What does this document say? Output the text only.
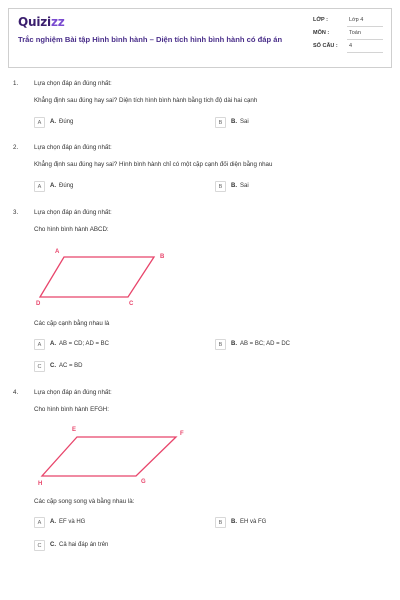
Quizizz
Trắc nghiệm Bài tập Hình bình hành – Diện tích hình bình hành có đáp án
LỚP :	Lớp 4
MÔN :	Toán
SỐ CÂU : 4
1.	Lựa chọn đáp án đúng nhất:
Khẳng định sau đúng hay sai? Diện tích hình bình hành bằng tích độ dài hai cạnh
A	A. Đúng	B	B. Sai
2.	Lựa chọn đáp án đúng nhất:
Khẳng định sau đúng hay sai? Hình bình hành chỉ có một cặp cạnh đối diện bằng nhau
A	A. Đúng	B	B. Sai
3.	Lựa chọn đáp án đúng nhất:
Cho hình bình hành ABCD:
A
B
C
D
Các cặp cạnh bằng nhau là
A	A. AB = CD; AD = BC	B	B. AB = BC; AD = DC
C	C. AC = BD
4.	Lựa chọn đáp án đúng nhất:
Cho hình bình hành EFGH:
E
F
G
H
Các cặp song song và bằng nhau là:
A	A. EF và HG	B	B. EH và FG
C	C. Cả hai đáp án trên
